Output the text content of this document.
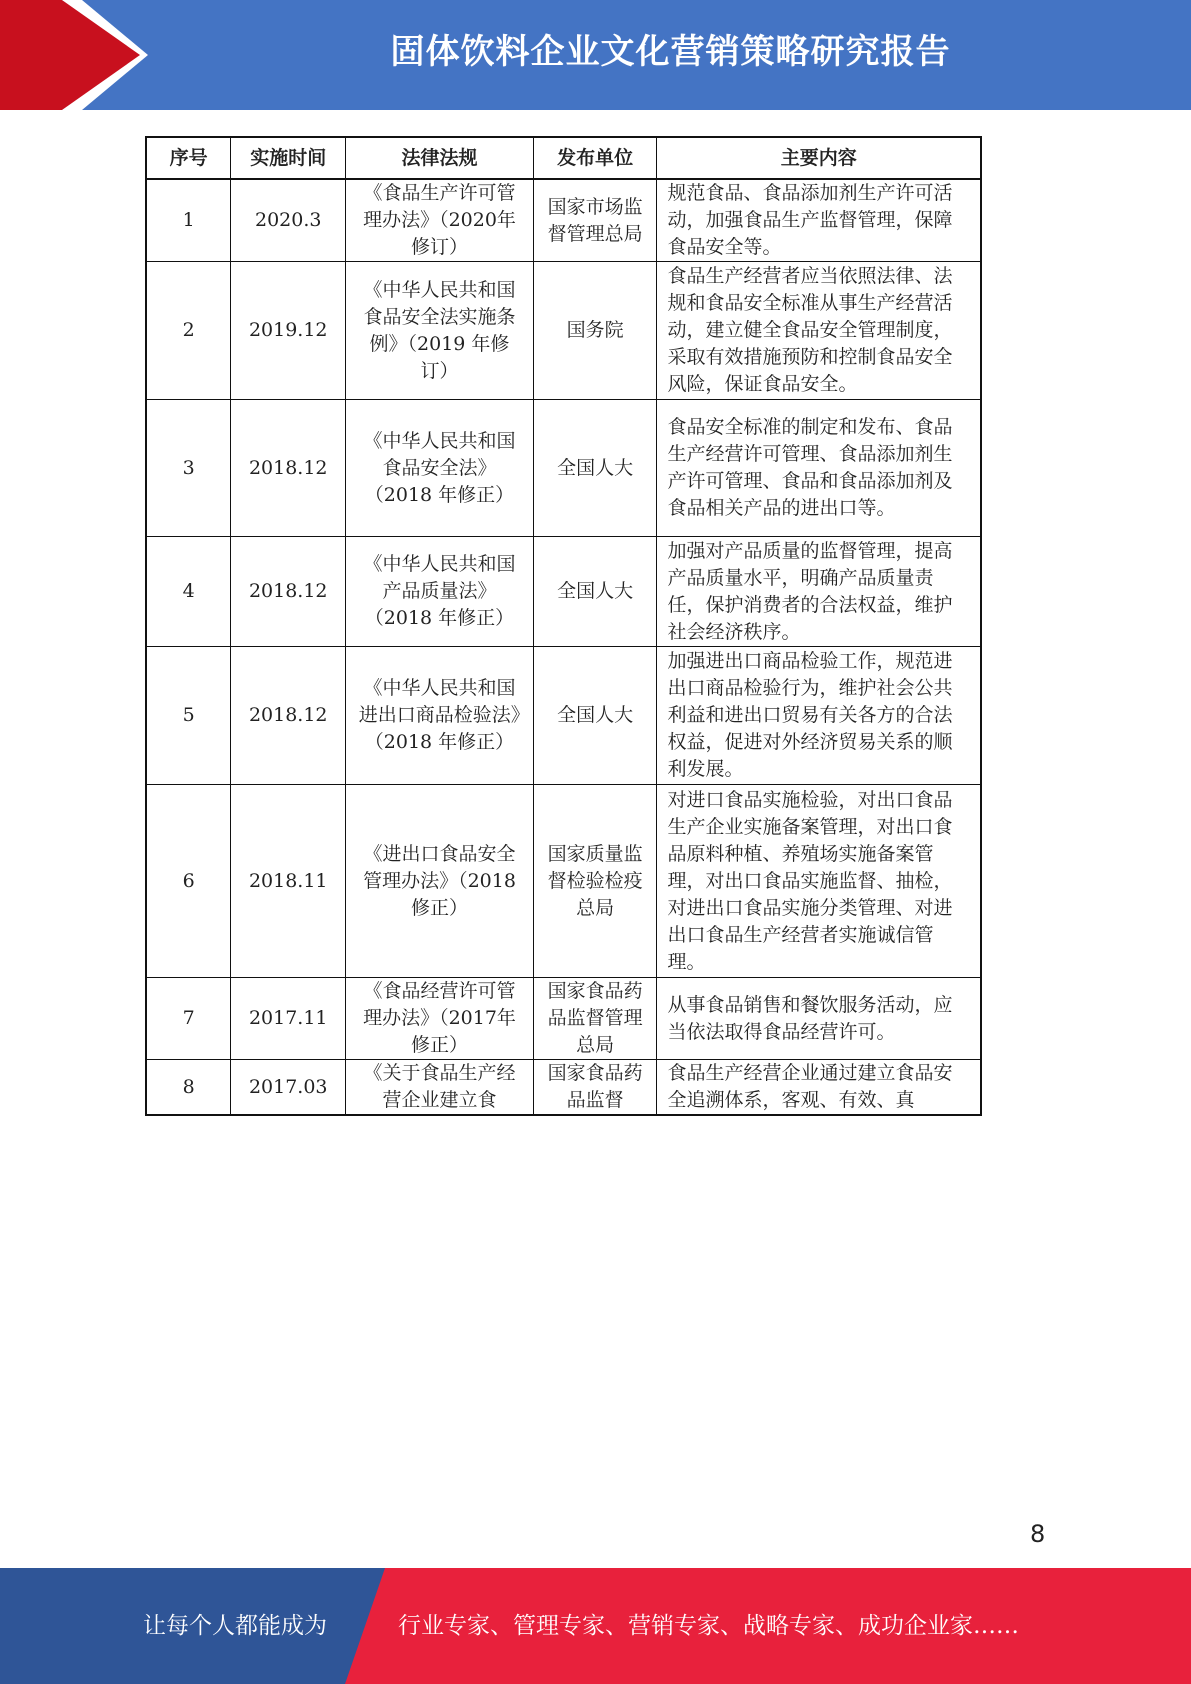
固体饮料企业文化营销策略研究报告
序号	实施时间	法律法规	发布单位	主要内容
1	2020.3	《食品生产许可管理办法》（2020年修订）	国家市场监督管理总局	规范食品、食品添加剂生产许可活动，加强食品生产监督管理，保障食品安全等。
2	2019.12	《中华人民共和国食品安全法实施条例》（2019 年修订）	国务院	食品生产经营者应当依照法律、法规和食品安全标准从事生产经营活动，建立健全食品安全管理制度，采取有效措施预防和控制食品安全风险，保证食品安全。
3	2018.12	《中华人民共和国食品安全法》（2018 年修正）	全国人大	食品安全标准的制定和发布、食品生产经营许可管理、食品添加剂生产许可管理、食品和食品添加剂及食品相关产品的进出口等。
4	2018.12	《中华人民共和国产品质量法》（2018 年修正）	全国人大	加强对产品质量的监督管理，提高产品质量水平，明确产品质量责任，保护消费者的合法权益，维护社会经济秩序。
5	2018.12	《中华人民共和国进出口商品检验法》（2018 年修正）	全国人大	加强进出口商品检验工作，规范进出口商品检验行为，维护社会公共利益和进出口贸易有关各方的合法权益，促进对外经济贸易关系的顺利发展。
6	2018.11	《进出口食品安全管理办法》（2018 修正）	国家质量监督检验检疫总局	对进口食品实施检验，对出口食品生产企业实施备案管理，对出口食品原料种植、养殖场实施备案管理，对出口食品实施监督、抽检，对进出口食品实施分类管理、对进出口食品生产经营者实施诚信管理。
7	2017.11	《食品经营许可管理办法》（2017年修正）	国家食品药品监督管理总局	从事食品销售和餐饮服务活动，应当依法取得食品经营许可。
8	2017.03	《关于食品生产经营企业建立食	国家食品药品监督	食品生产经营企业通过建立食品安全追溯体系，客观、有效、真
8
让每个人都能成为	行业专家、管理专家、营销专家、战略专家、成功企业家……
